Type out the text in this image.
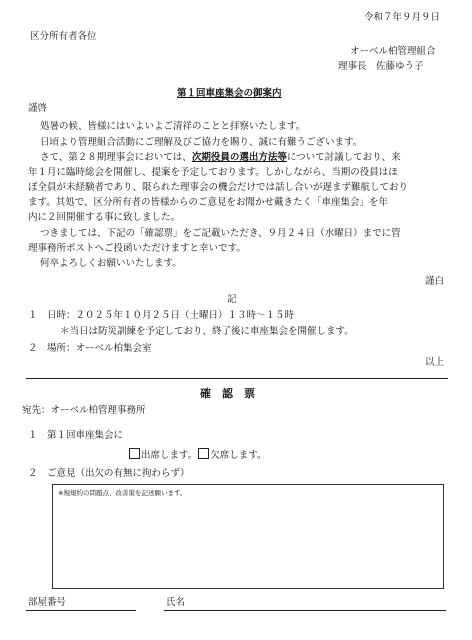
令和７年９月９日
区分所有者各位
オーベル柏管理組合
理事長　佐藤ゆう子
第１回車座集会の御案内
謹啓
処暑の候、皆様にはいよいよご清祥のことと拝察いたします。
日頃より管理組合活動にご理解及びご協力を賜り、誠に有難うございます。
さて、第２８期理事会においては、次期役員の選出方法等について討議しており、来
年１月に臨時総会を開催し、提案を予定しております。しかしながら、当期の役員はほ
ぼ全員が未経験者であり、限られた理事会の機会だけでは話し合いが遅まず難航しており
ます。其処で、区分所有者の皆様からのご意見をお聞かせ戴きたく「車座集会」を年
内に２回開催する事に致しました。
つきましては、下記の「確認票」をご記載いただき、９月２４日（水曜日）までに管
理事務所ポストへご投函いただけますと幸いです。
何卒よろしくお願いいたします。
謹白
記
１　日時：２０２５年１０月２５日（土曜日）１３時～１５時
＊当日は防災訓練を予定しており、終了後に車座集会を開催します。
２　場所：オーベル柏集会室
以上
確　認　票
宛先：オーベル柏管理事務所
１　第１回車座集会に
出席します。 欠席します。
２　ご意見（出欠の有無に拘わらず）
※規規約の問題点、改善策を記述願います。
部屋番号	氏名
